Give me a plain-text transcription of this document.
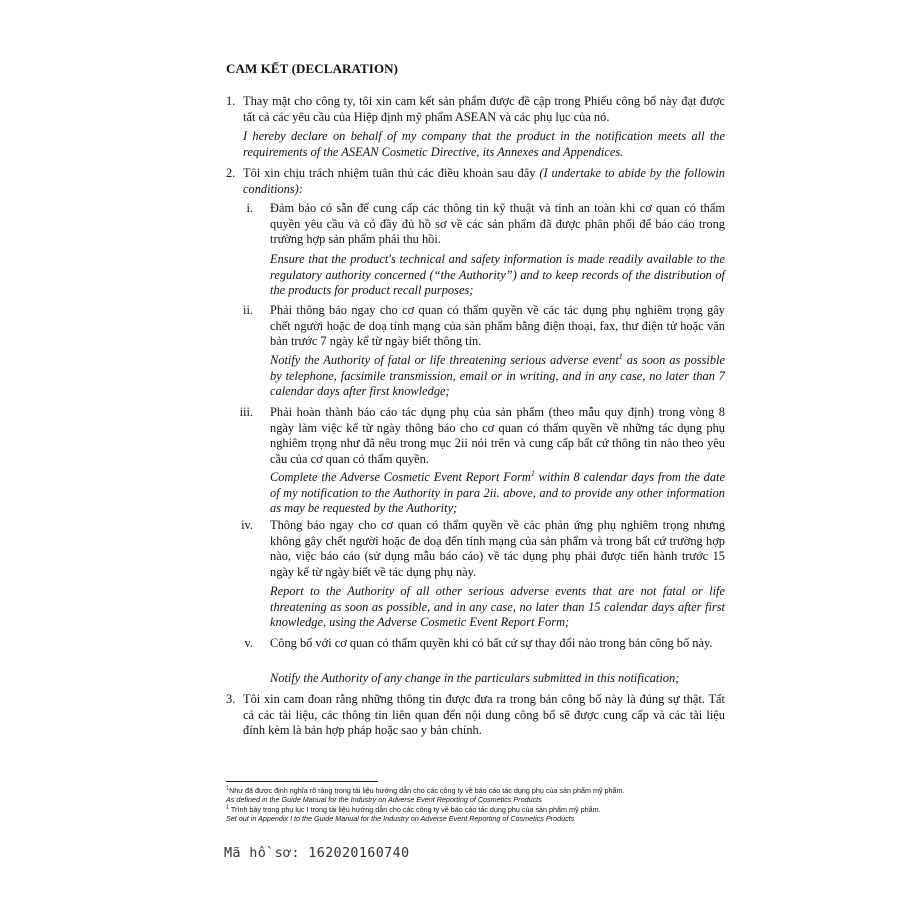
CAM KẾT (DECLARATION)
1. Thay mặt cho công ty, tôi xin cam kết sản phẩm được đề cập trong Phiếu công bố này đạt được tất cả các yêu cầu của Hiệp định mỹ phẩm ASEAN và các phụ lục của nó.
I hereby declare on behalf of my company that the product in the notification meets all the requirements of the ASEAN Cosmetic Directive, its Annexes and Appendices.
2. Tôi xin chịu trách nhiệm tuân thủ các điều khoản sau đây (I undertake to abide by the followin conditions):
i. Đảm bảo có sẵn để cung cấp các thông tin kỹ thuật và tính an toàn khi cơ quan có thẩm quyền yêu cầu và có đầy đủ hồ sơ về các sản phẩm đã được phân phối để báo cáo trong trường hợp sản phẩm phải thu hồi.
Ensure that the product's technical and safety information is made readily available to the regulatory authority concerned (“the Authority”) and to keep records of the distribution of the products for product recall purposes;
ii. Phải thông báo ngay cho cơ quan có thẩm quyền về các tác dụng phụ nghiêm trọng gây chết người hoặc đe doạ tính mạng của sản phẩm bằng điện thoại, fax, thư điện tử hoặc văn bản trước 7 ngày kể từ ngày biết thông tin.
Notify the Authority of fatal or life threatening serious adverse event$^1$ as soon as possible by telephone, facsimile transmission, email or in writing, and in any case, no later than 7 calendar days after first knowledge;
iii. Phải hoàn thành báo cáo tác dụng phụ của sản phẩm (theo mẫu quy định) trong vòng 8 ngày làm việc kể từ ngày thông báo cho cơ quan có thẩm quyền về những tác dụng phụ nghiêm trọng như đã nêu trong mục 2ii nói trên và cung cấp bất cứ thông tin nào theo yêu cầu của cơ quan có thẩm quyền.
Complete the Adverse Cosmetic Event Report Form$^1$ within 8 calendar days from the date of my notification to the Authority in para 2ii. above, and to provide any other information as may be requested by the Authority;
iv. Thông báo ngay cho cơ quan có thẩm quyền về các phản ứng phụ nghiêm trọng nhưng không gây chết người hoặc đe doạ đến tính mạng của sản phẩm và trong bất cứ trường hợp nào, việc báo cáo (sử dụng mẫu báo cáo) về tác dụng phụ phải được tiến hành trước 15 ngày kể từ ngày biết về tác dụng phụ này.
Report to the Authority of all other serious adverse events that are not fatal or life threatening as soon as possible, and in any case, no later than 15 calendar days after first knowledge, using the Adverse Cosmetic Event Report Form;
v. Công bố với cơ quan có thẩm quyền khi có bất cứ sự thay đổi nào trong bản công bố này.
Notify the Authority of any change in the particulars submitted in this notification;
3. Tôi xin cam đoan rằng những thông tin được đưa ra trong bản công bố này là đúng sự thật. Tất cả các tài liệu, các thông tin liên quan đến nội dung công bố sẽ được cung cấp và các tài liệu đính kèm là bản hợp pháp hoặc sao y bản chính.
$^1$Như đã được định nghĩa rõ ràng trong tài liệu hướng dẫn cho các công ty về báo cáo tác dụng phụ của sản phẩm mỹ phẩm.
As defined in the Guide Manual for the Industry on Adverse Event Reporting of Cosmetics Products
$^1$ Trình bày trong phụ lục I trong tài liệu hướng dẫn cho các công ty về báo cáo tác dụng phụ của sản phẩm mỹ phẩm.
Set out in Appendix I to the Guide Manual for the Industry on Adverse Event Reporting of Cosmetics Products
Mã hồ sơ: 162020160740
